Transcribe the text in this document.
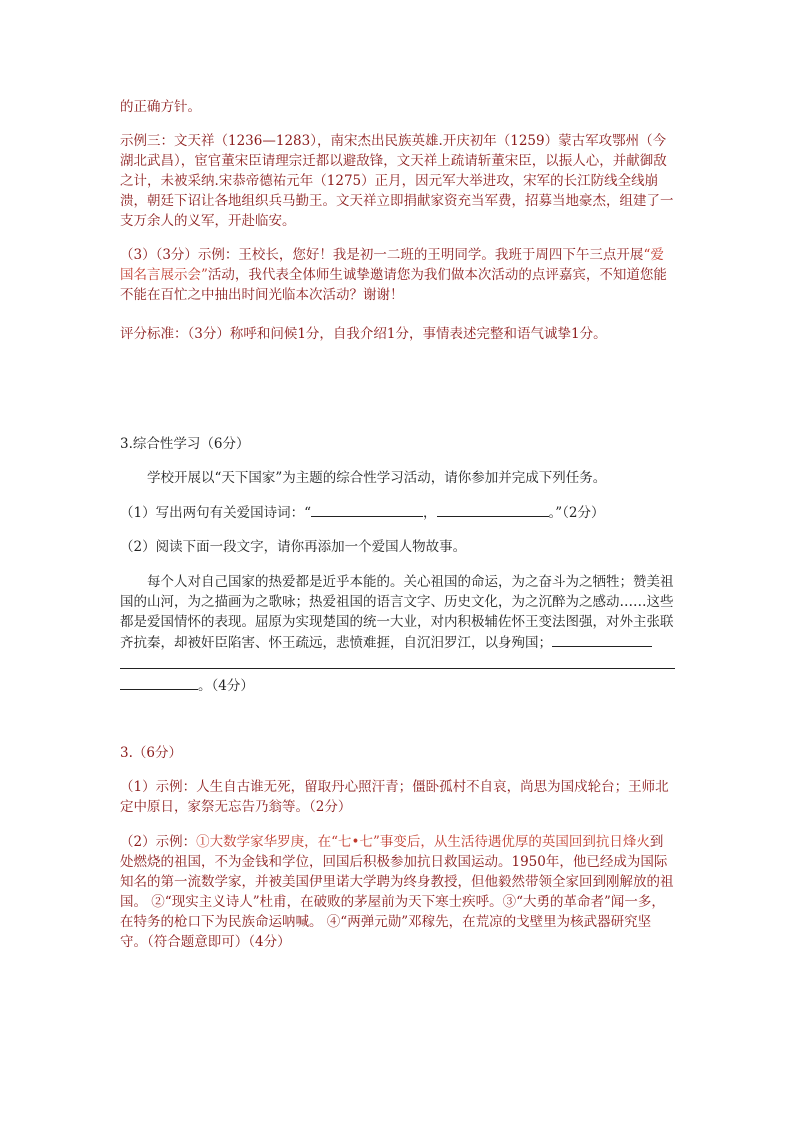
的正确方针。

示例三：文天祥（1236—1283），南宋杰出民族英雄.开庆初年（1259）蒙古军攻鄂州（今湖北武昌），宦官董宋臣请理宗迁都以避敌锋，文天祥上疏请斩董宋臣，以振人心，并献御敌之计，未被采纳.宋恭帝德祐元年（1275）正月，因元军大举进攻，宋军的长江防线全线崩溃，朝廷下诏让各地组织兵马勤王。文天祥立即捐献家资充当军费，招募当地豪杰，组建了一支万余人的义军，开赴临安。

（3）（3分）示例：王校长，您好！我是初一二班的王明同学。我班于周四下午三点开展“爱国名言展示会”活动，我代表全体师生诚挚邀请您为我们做本次活动的点评嘉宾，不知道您能不能在百忙之中抽出时间光临本次活动？谢谢！

评分标准：（3分）称呼和问候1分，自我介绍1分，事情表述完整和语气诚挚1分。

3.综合性学习（6分）

学校开展以“天下国家”为主题的综合性学习活动，请你参加并完成下列任务。

（1）写出两句有关爱国诗词：“	，	。”（2分）

（2）阅读下面一段文字，请你再添加一个爱国人物故事。

每个人对自己国家的热爱都是近乎本能的。关心祖国的命运，为之奋斗为之牺牲；赞美祖国的山河，为之描画为之歌咏；热爱祖国的语言文字、历史文化，为之沉醉为之感动……这些都是爱国情怀的表现。屈原为实现楚国的统一大业，对内积极辅佐怀王变法图强，对外主张联齐抗秦，却被奸臣陷害、怀王疏远，悲愤难捱，自沉汨罗江，以身殉国；

。（4分）

3.（6分）

（1）示例：人生自古谁无死，留取丹心照汗青；僵卧孤村不自哀，尚思为国戍轮台；王师北定中原日，家祭无忘告乃翁等。（2分）

（2）示例：①大数学家华罗庚，在“七•七”事变后，从生活待遇优厚的英国回到抗日烽火到处燃烧的祖国，不为金钱和学位，回国后积极参加抗日救国运动。1950年，他已经成为国际知名的第一流数学家，并被美国伊里诺大学聘为终身教授，但他毅然带领全家回到刚解放的祖国。 ②“现实主义诗人”杜甫，在破败的茅屋前为天下寒士疾呼。③“大勇的革命者”闻一多，在特务的枪口下为民族命运呐喊。 ④“两弹元勋”邓稼先，在荒凉的戈壁里为核武器研究坚守。（符合题意即可）（4分）
